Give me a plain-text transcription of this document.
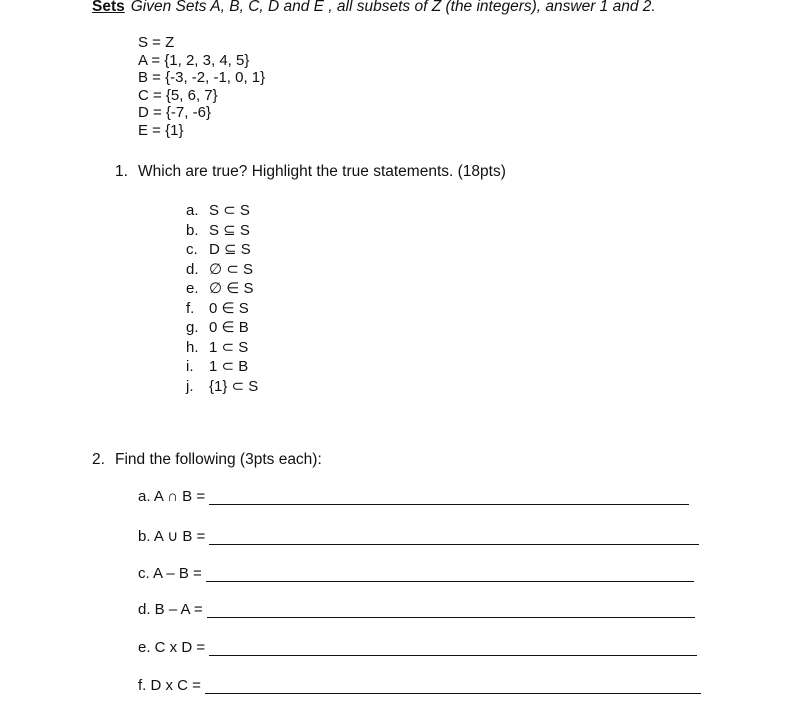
Sets Given Sets A, B, C, D and E , all subsets of Z (the integers), answer 1 and 2.
S = Z
A = {1, 2, 3, 4, 5}
B = {-3, -2, -1, 0, 1}
C = {5, 6, 7}
D = {-7, -6}
E = {1}
1. Which are true? Highlight the true statements. (18pts)
a. S ⊂ S
b. S ⊆ S
c. D ⊆ S
d. ∅ ⊂ S
e. ∅ ∈ S
f. 0 ∈ S
g. 0 ∈ B
h. 1 ⊂ S
i. 1 ⊂ B
j. {1} ⊂ S
2. Find the following (3pts each):
a. A ∩ B =
b. A ∪ B =
c. A – B =
d. B – A =
e. C x D =
f. D x C =
